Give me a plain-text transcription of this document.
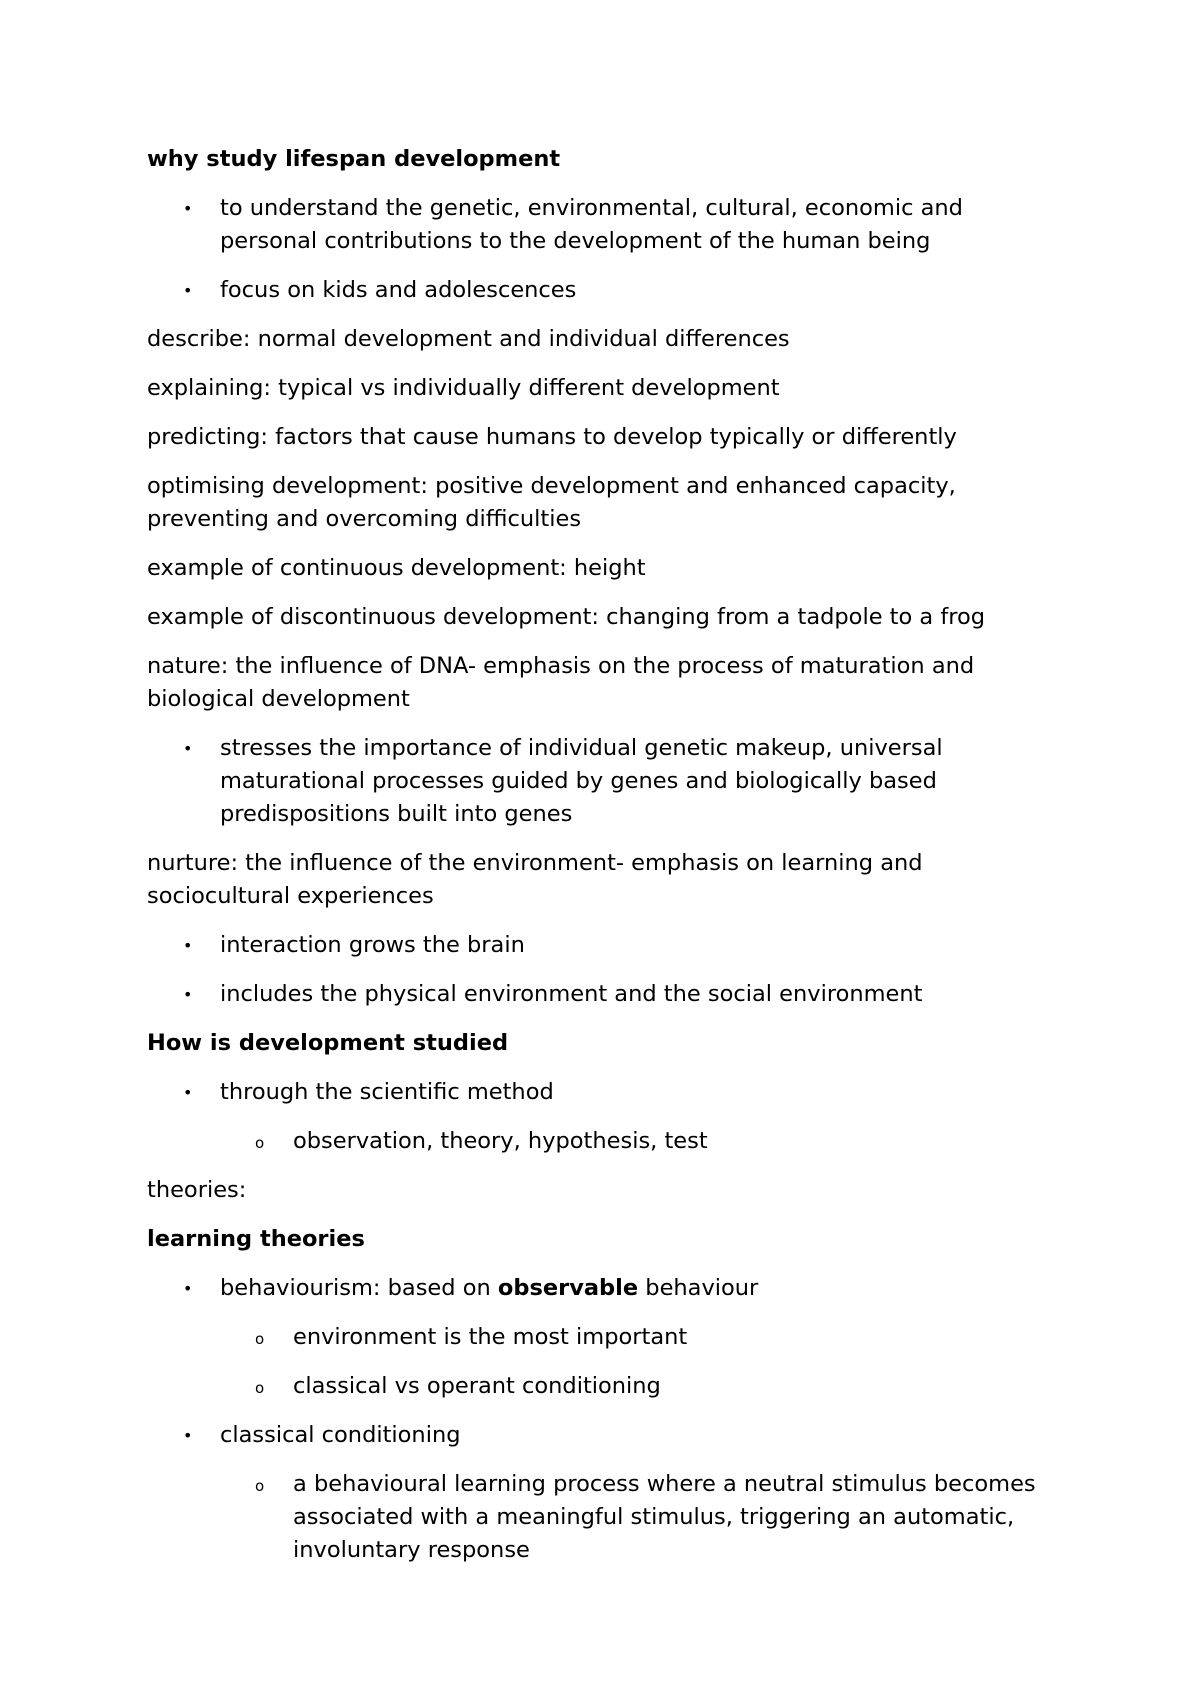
why study lifespan development
• to understand the genetic, environmental, cultural, economic and personal contributions to the development of the human being
• focus on kids and adolescences
describe: normal development and individual differences
explaining: typical vs individually different development
predicting: factors that cause humans to develop typically or differently
optimising development: positive development and enhanced capacity, preventing and overcoming difficulties
example of continuous development: height
example of discontinuous development: changing from a tadpole to a frog
nature: the influence of DNA- emphasis on the process of maturation and biological development
• stresses the importance of individual genetic makeup, universal maturational processes guided by genes and biologically based predispositions built into genes
nurture: the influence of the environment- emphasis on learning and sociocultural experiences
• interaction grows the brain
• includes the physical environment and the social environment
How is development studied
• through the scientific method
o observation, theory, hypothesis, test
theories:
learning theories
• behaviourism: based on observable behaviour
o environment is the most important
o classical vs operant conditioning
• classical conditioning
o a behavioural learning process where a neutral stimulus becomes associated with a meaningful stimulus, triggering an automatic, involuntary response
